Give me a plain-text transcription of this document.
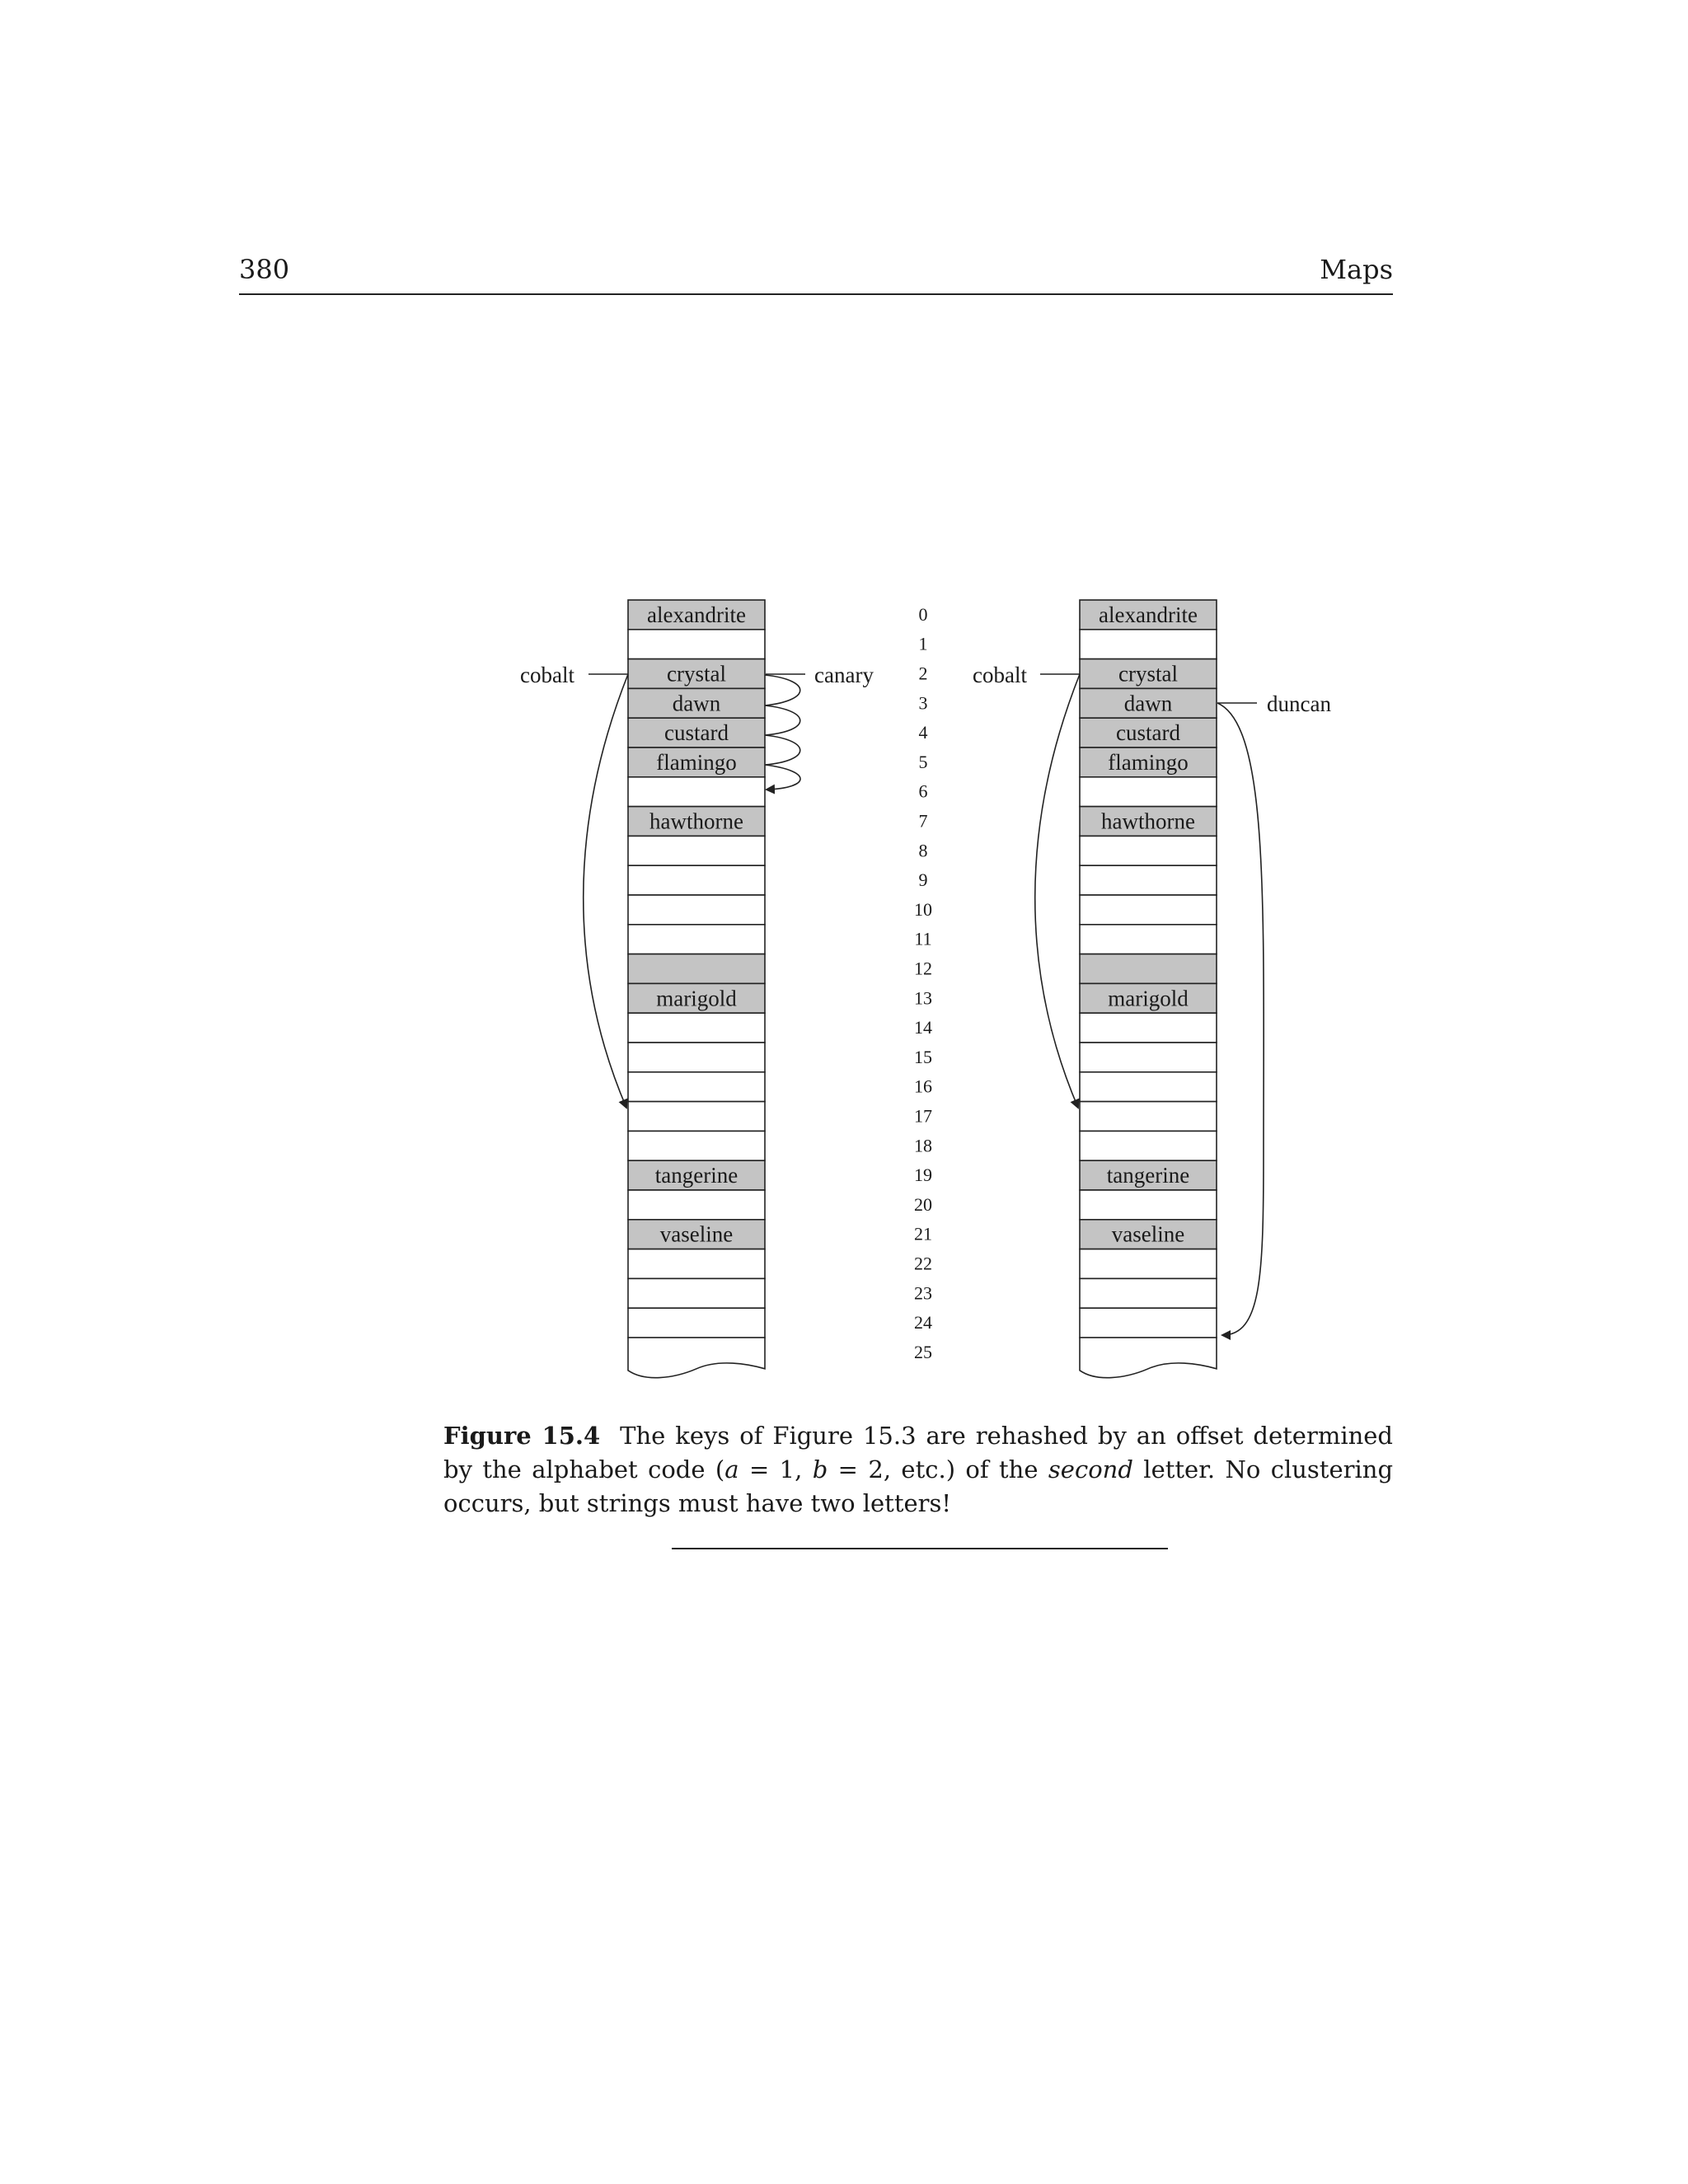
380	Maps
alexandrite
crystal
dawn
custard
flamingo
hawthorne
marigold
tangerine
vaseline
alexandrite
crystal
dawn
custard
flamingo
hawthorne
marigold
tangerine
vaseline
0
1
2
3
4
5
6
7
8
9
10
11
12
13
14
15
16
17
18
19
20
21
22
23
24
25
cobalt	canary	cobalt
duncan
Figure 15.4 The keys of Figure 15.3 are rehashed by an offset determined by the alphabet code (a = 1, b = 2, etc.) of the second letter. No clustering occurs, but strings must have two letters!
